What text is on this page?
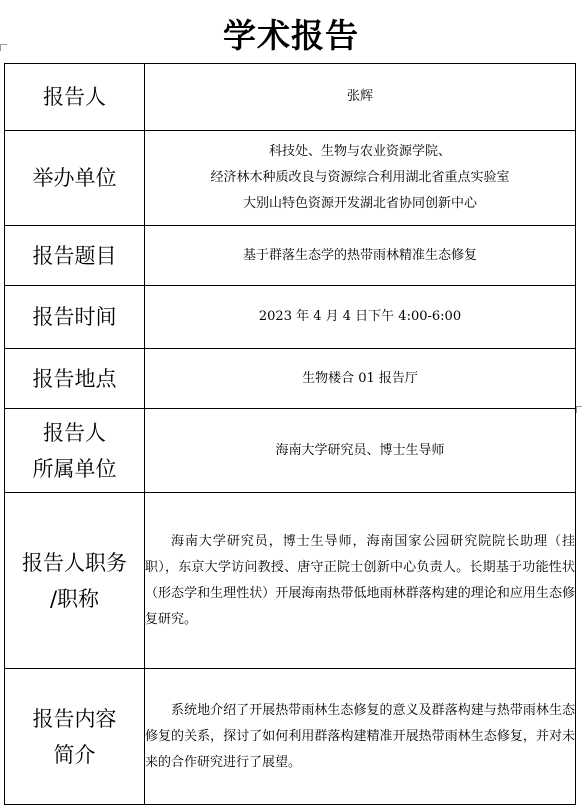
学术报告
报告人	张辉
举办单位	科技处、生物与农业资源学院、
经济林木种质改良与资源综合利用湖北省重点实验室
大别山特色资源开发湖北省协同创新中心

报告题目	基于群落生态学的热带雨林精准生态修复
报告时间	2023 年 4 月 4 日下午 4:00-6:00
报告地点	生物楼合 01 报告厅

报告人
所属单位	海南大学研究员、博士生导师

报告人职务
/职称	海南大学研究员，博士生导师，海南国家公园研究院院长助理（挂职），东京大学访问教授、唐守正院士创新中心负责人。长期基于功能性状（形态学和生理性状）开展海南热带低地雨林群落构建的理论和应用生态修复研究。

报告内容
简介	系统地介绍了开展热带雨林生态修复的意义及群落构建与热带雨林生态修复的关系，探讨了如何利用群落构建精准开展热带雨林生态修复，并对未来的合作研究进行了展望。
